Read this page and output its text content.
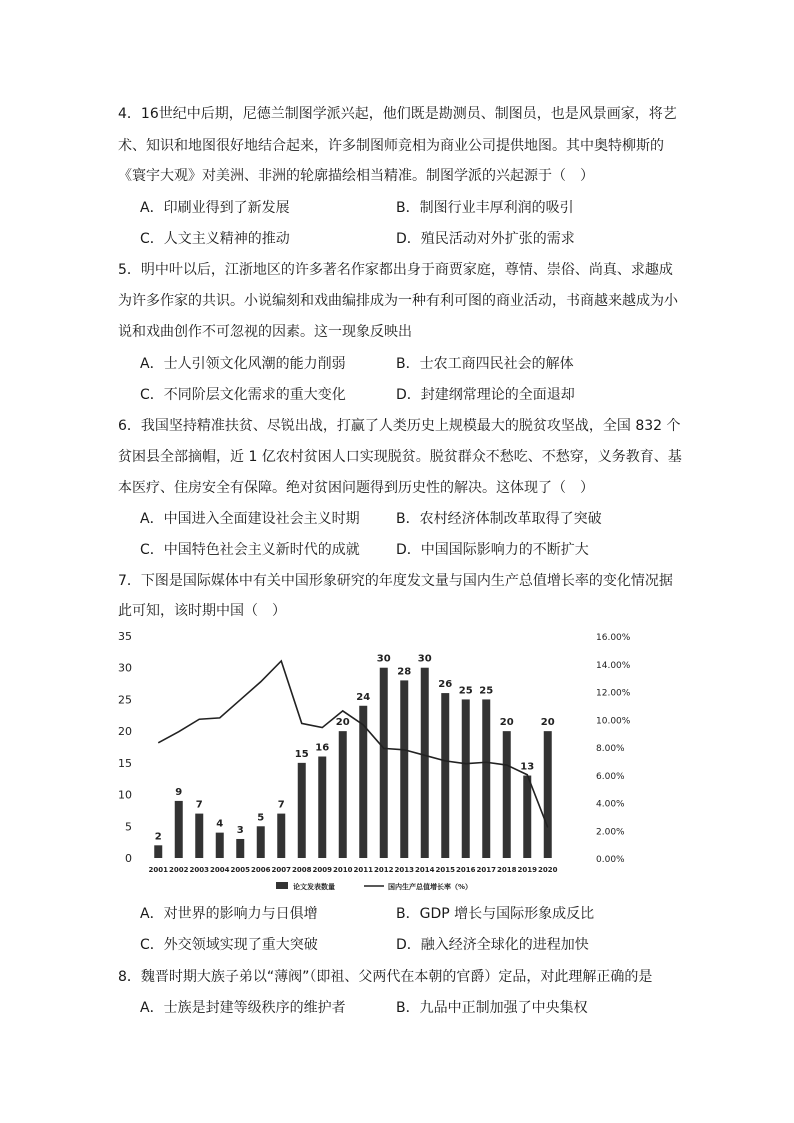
4．16世纪中后期，尼德兰制图学派兴起，他们既是勘测员、制图员，也是风景画家，将艺
术、知识和地图很好地结合起来，许多制图师竞相为商业公司提供地图。其中奥特柳斯的
《寰宇大观》对美洲、非洲的轮廓描绘相当精准。制图学派的兴起源于（　）
A．印刷业得到了新发展	B．制图行业丰厚利润的吸引
C．人文主义精神的推动	D．殖民活动对外扩张的需求
5．明中叶以后，江浙地区的许多著名作家都出身于商贾家庭，尊情、崇俗、尚真、求趣成
为许多作家的共识。小说编刻和戏曲编排成为一种有利可图的商业活动，书商越来越成为小
说和戏曲创作不可忽视的因素。这一现象反映出
A．士人引领文化风潮的能力削弱	B．士农工商四民社会的解体
C．不同阶层文化需求的重大变化	D．封建纲常理论的全面退却
6．我国坚持精准扶贫、尽锐出战，打赢了人类历史上规模最大的脱贫攻坚战，全国 832 个
贫困县全部摘帽，近 1 亿农村贫困人口实现脱贫。脱贫群众不愁吃、不愁穿，义务教育、基
本医疗、住房安全有保障。绝对贫困问题得到历史性的解决。这体现了（　）
A．中国进入全面建设社会主义时期	B．农村经济体制改革取得了突破
C．中国特色社会主义新时代的成就	D．中国国际影响力的不断扩大
7．下图是国际媒体中有关中国形象研究的年度发文量与国内生产总值增长率的变化情况据
此可知，该时期中国（　）
0
5
10
15
20
25
30
35
0.00%
2.00%
4.00%
6.00%
8.00%
10.00%
12.00%
14.00%
16.00%
2
9
7
4
3
5
7
15
16
20
24
30
28
30
26
25 25
20
13
20
2001 2002 2003 2004 2005 2006 2007 2008 2009 2010 2011 2012 2013 2014 2015 2016 2017 2018 2019 2020
论文发表数量	国内生产总值增长率（%）
A．对世界的影响力与日俱增	B．GDP 增长与国际形象成反比
C．外交领域实现了重大突破	D．融入经济全球化的进程加快
8．魏晋时期大族子弟以“薄阀”（即祖、父两代在本朝的官爵）定品，对此理解正确的是
A．士族是封建等级秩序的维护者	B．九品中正制加强了中央集权
